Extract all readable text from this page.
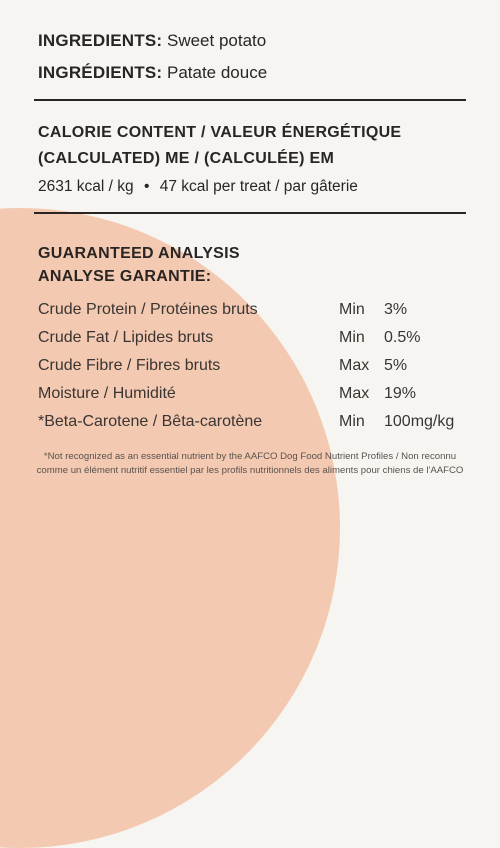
INGREDIENTS: Sweet potato
INGRÉDIENTS: Patate douce
CALORIE CONTENT / VALEUR ÉNERGÉTIQUE
(CALCULATED) ME / (CALCULÉE) EM
2631 kcal / kg • 47 kcal per treat / par gâterie
GUARANTEED ANALYSIS
ANALYSE GARANTIE:
Crude Protein / Protéines bruts	Min 3%
Crude Fat / Lipides bruts	Min 0.5%
Crude Fibre / Fibres bruts	Max 5%
Moisture / Humidité	Max 19%
*Beta-Carotene / Bêta-carotène	Min 100mg/kg
*Not recognized as an essential nutrient by the AAFCO Dog Food Nutrient Profiles / Non reconnu
comme un élément nutritif essentiel par les profils nutritionnels des aliments pour chiens de l'AAFCO
